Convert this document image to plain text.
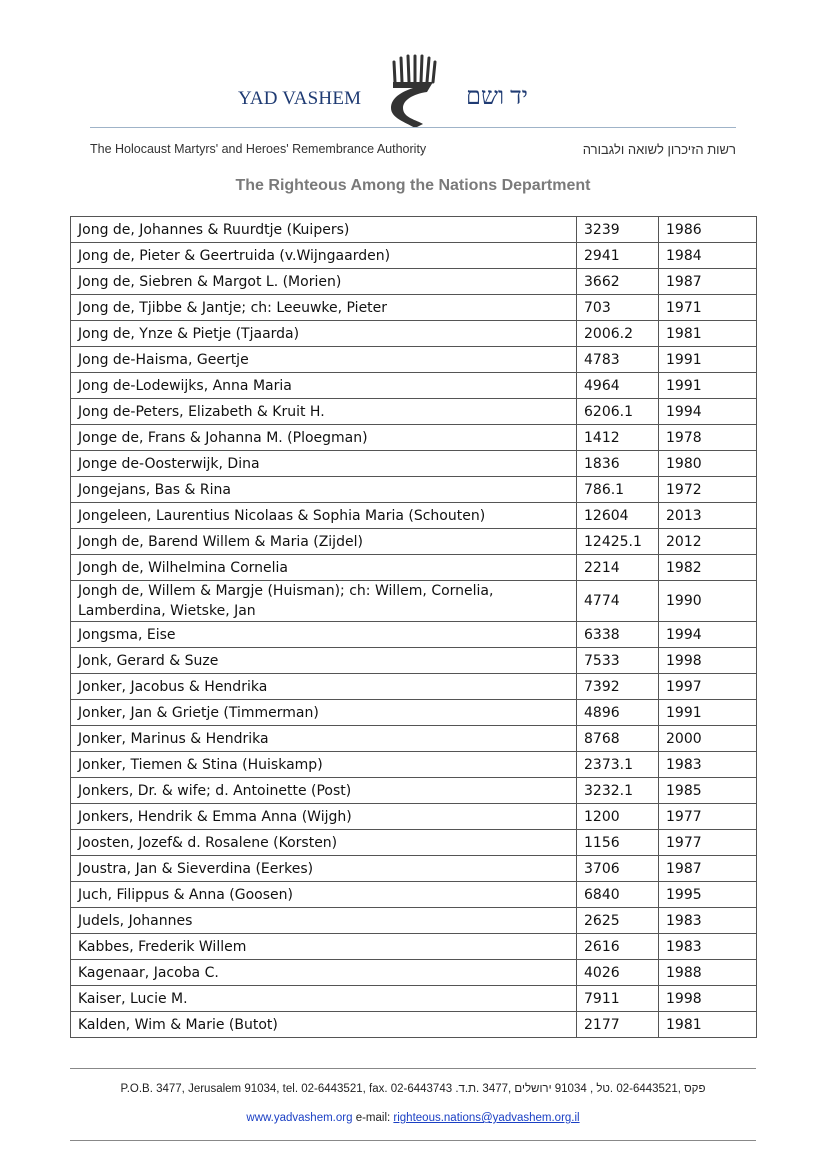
YAD VASHEM	יד ושם
The Holocaust Martyrs' and Heroes' Remembrance Authority	רשות הזיכרון לשואה ולגבורה
The Righteous Among the Nations Department
Jong de, Johannes & Ruurdtje (Kuipers)	3239	1986
Jong de, Pieter & Geertruida (v.Wijngaarden)	2941	1984
Jong de, Siebren & Margot L. (Morien)	3662	1987
Jong de, Tjibbe & Jantje; ch: Leeuwke, Pieter	703	1971
Jong de, Ynze & Pietje (Tjaarda)	2006.2	1981
Jong de-Haisma, Geertje	4783	1991
Jong de-Lodewijks, Anna Maria	4964	1991
Jong de-Peters, Elizabeth & Kruit H.	6206.1	1994
Jonge de, Frans & Johanna M. (Ploegman)	1412	1978
Jonge de-Oosterwijk, Dina	1836	1980
Jongejans, Bas & Rina	786.1	1972
Jongeleen, Laurentius Nicolaas & Sophia Maria (Schouten)	12604	2013
Jongh de, Barend Willem & Maria (Zijdel)	12425.1	2012
Jongh de, Wilhelmina Cornelia	2214	1982
Jongh de, Willem & Margje (Huisman); ch: Willem, Cornelia, Lamberdina, Wietske, Jan	4774	1990
Jongsma, Eise	6338	1994
Jonk, Gerard & Suze	7533	1998
Jonker, Jacobus & Hendrika	7392	1997
Jonker, Jan & Grietje (Timmerman)	4896	1991
Jonker, Marinus & Hendrika	8768	2000
Jonker, Tiemen & Stina (Huiskamp)	2373.1	1983
Jonkers, Dr. & wife; d. Antoinette (Post)	3232.1	1985
Jonkers, Hendrik & Emma Anna (Wijgh)	1200	1977
Joosten, Jozef& d. Rosalene (Korsten)	1156	1977
Joustra, Jan & Sieverdina (Eerkes)	3706	1987
Juch, Filippus & Anna (Goosen)	6840	1995
Judels, Johannes	2625	1983
Kabbes, Frederik Willem	2616	1983
Kagenaar, Jacoba C.	4026	1988
Kaiser, Lucie M.	7911	1998
Kalden, Wim & Marie (Butot)	2177	1981
P.O.B. 3477, Jerusalem 91034, tel. 02-6443521, fax. 02-6443743 .פקס ,02-6443521 .טל , 91034 ירושלים ,3477 .ת.ד
www.yadvashem.org e-mail: righteous.nations@yadvashem.org.il
